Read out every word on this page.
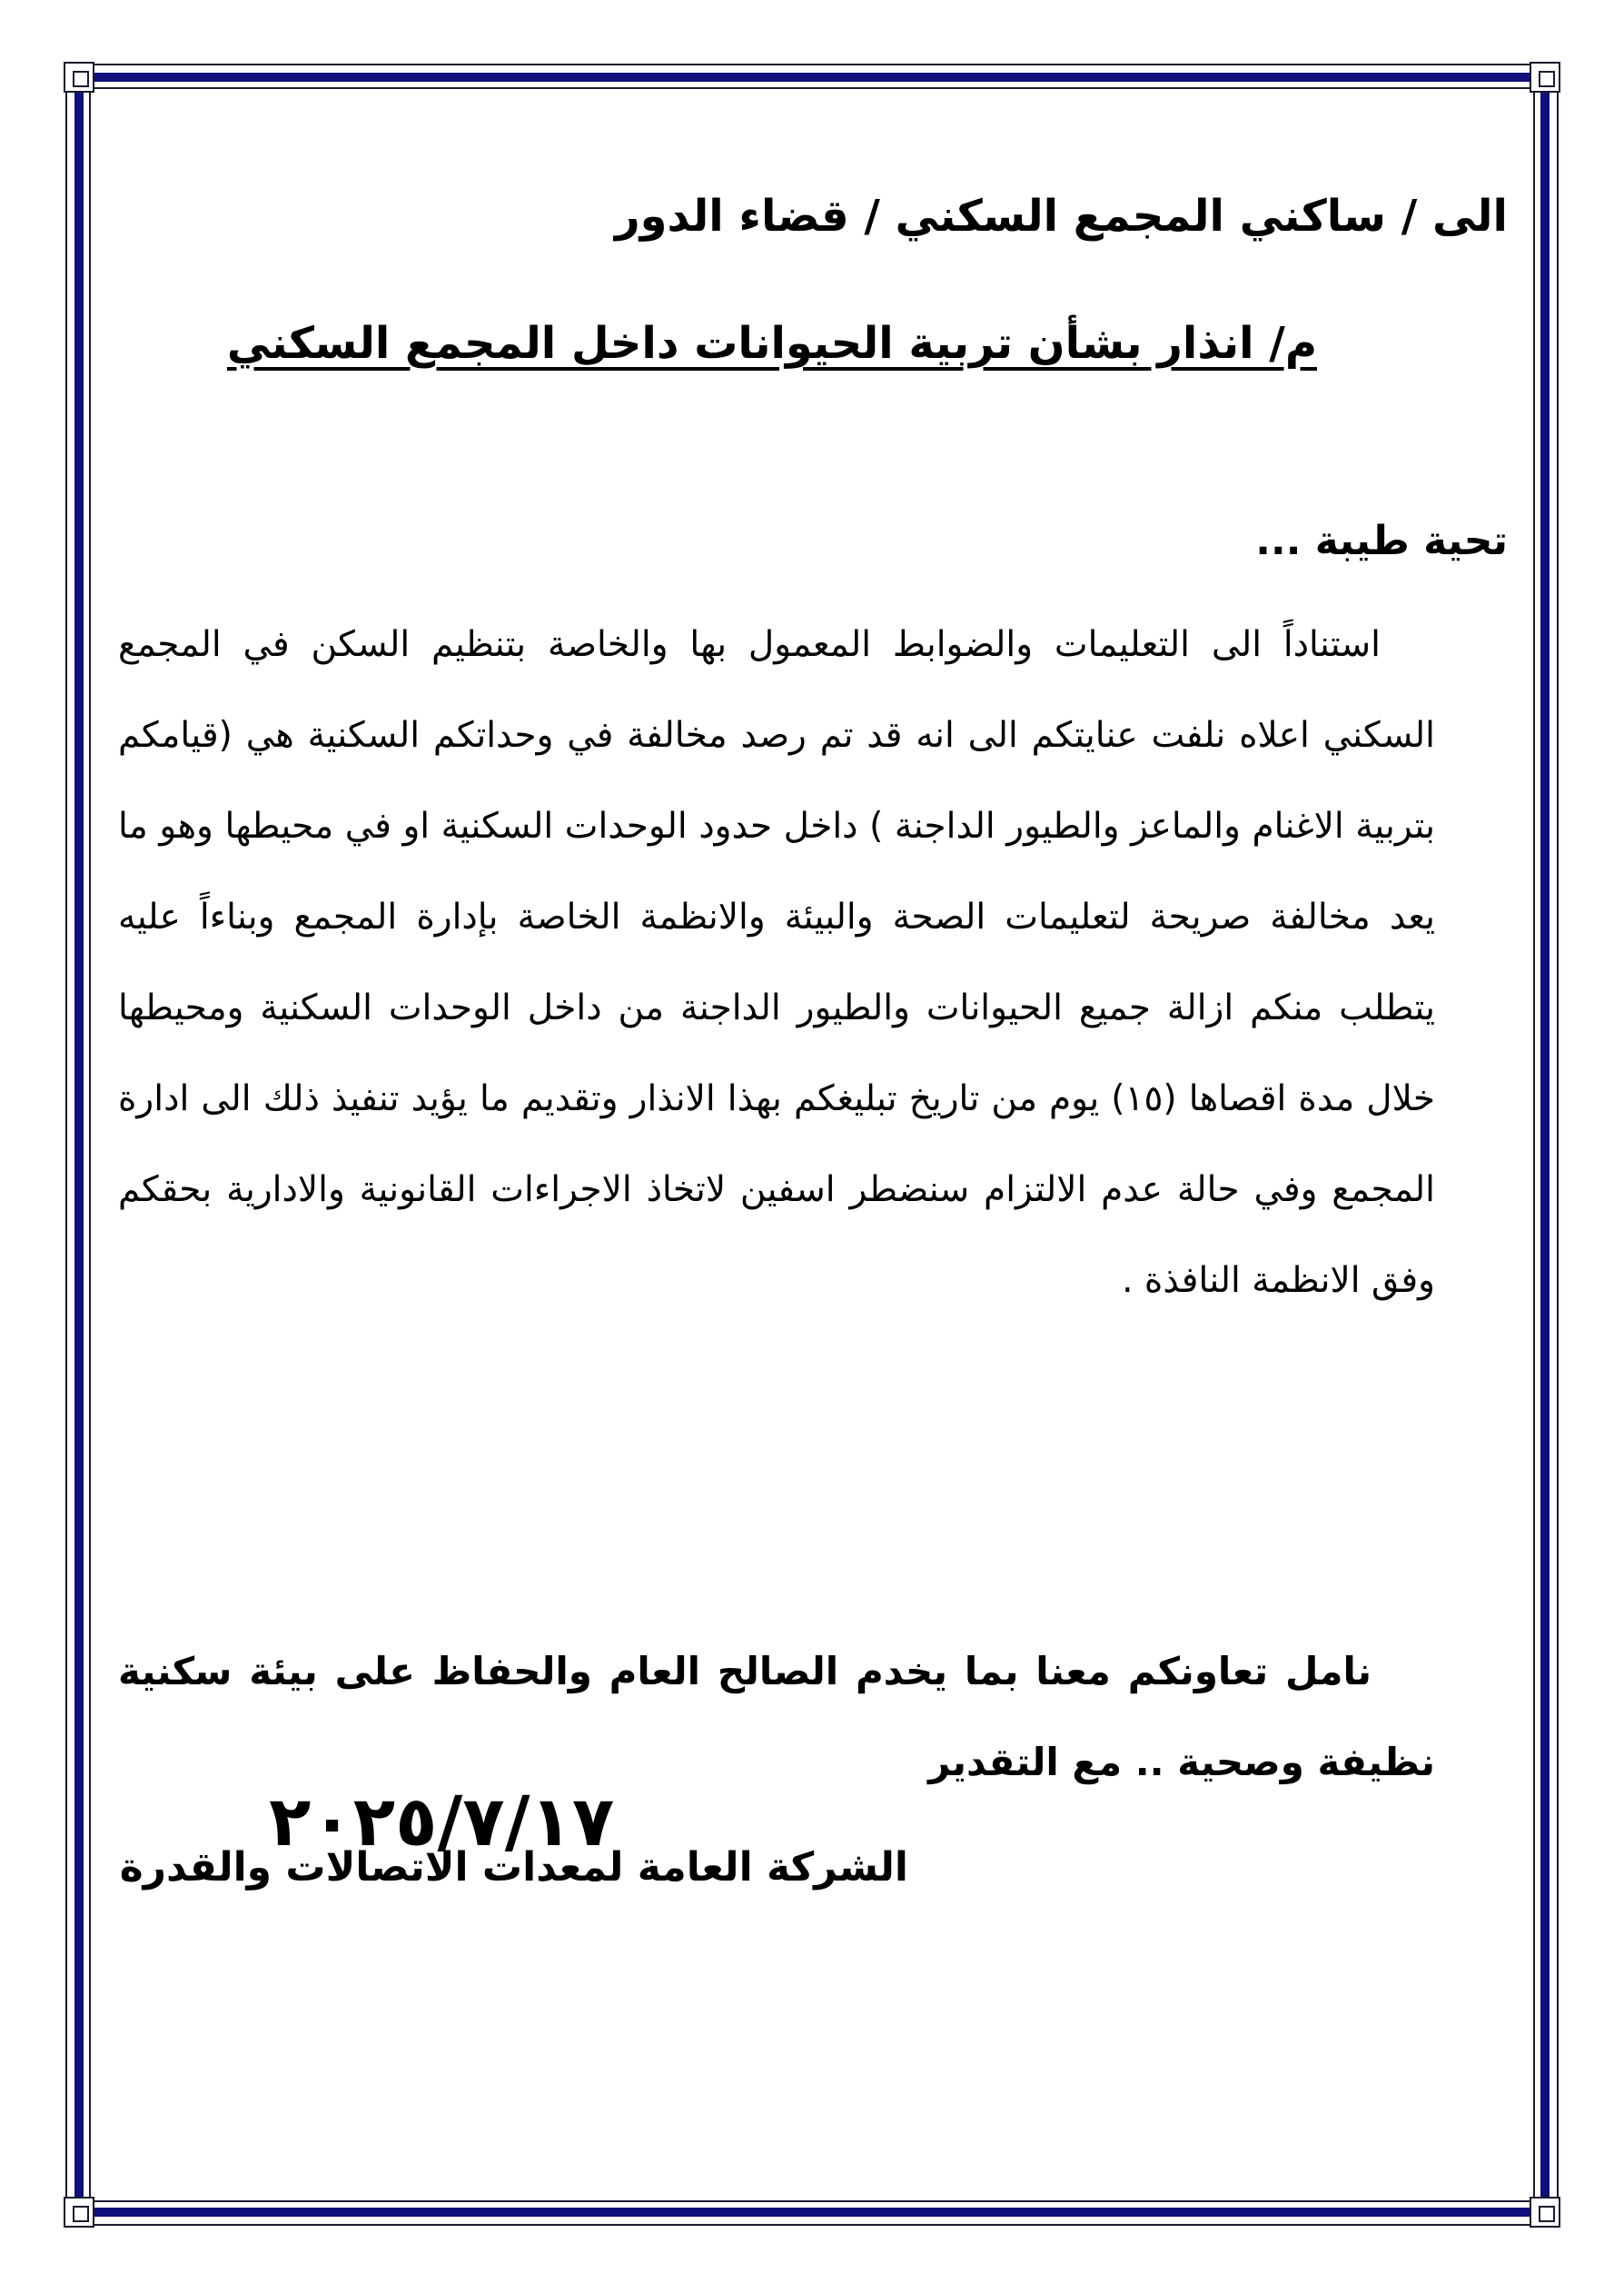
الى / ساكني المجمع السكني / قضاء الدور
م/ انذار بشأن تربية الحيوانات داخل المجمع السكني
تحية طيبة ...
استناداً الى التعليمات والضوابط المعمول بها والخاصة بتنظيم السكن في المجمع السكني اعلاه نلفت عنايتكم الى انه قد تم رصد مخالفة في وحداتكم السكنية هي (قيامكم بتربية الاغنام والماعز والطيور الداجنة ) داخل حدود الوحدات السكنية او في محيطها وهو ما يعد مخالفة صريحة لتعليمات الصحة والبيئة والانظمة الخاصة بإدارة المجمع وبناءاً عليه يتطلب منكم ازالة جميع الحيوانات والطيور الداجنة من داخل الوحدات السكنية ومحيطها خلال مدة اقصاها (١٥) يوم من تاريخ تبليغكم بهذا الانذار وتقديم ما يؤيد تنفيذ ذلك الى ادارة المجمع وفي حالة عدم الالتزام سنضطر اسفين لاتخاذ الاجراءات القانونية والادارية بحقكم وفق الانظمة النافذة .
نامل تعاونكم معنا بما يخدم الصالح العام والحفاظ على بيئة سكنية نظيفة وصحية .. مع التقدير
الشركة العامة لمعدات الاتصالات والقدرة
٢٠٢٥/٧/١٧
